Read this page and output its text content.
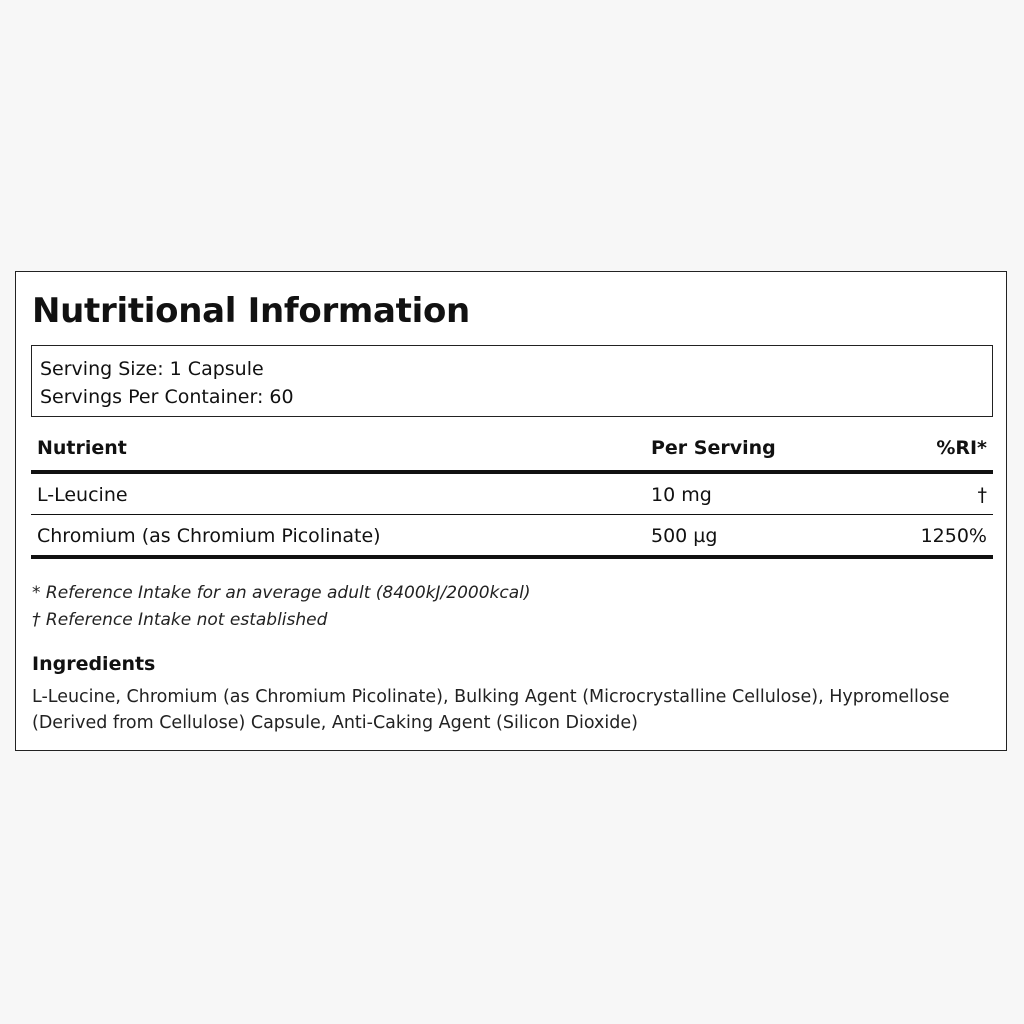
Nutritional Information
Serving Size: 1 Capsule
Servings Per Container: 60
Nutrient	Per Serving	%RI*
L-Leucine	10 mg	†
Chromium (as Chromium Picolinate)	500 µg	1250%
* Reference Intake for an average adult (8400kJ/2000kcal)
† Reference Intake not established
Ingredients
L-Leucine, Chromium (as Chromium Picolinate), Bulking Agent (Microcrystalline Cellulose), Hypromellose
(Derived from Cellulose) Capsule, Anti-Caking Agent (Silicon Dioxide)
